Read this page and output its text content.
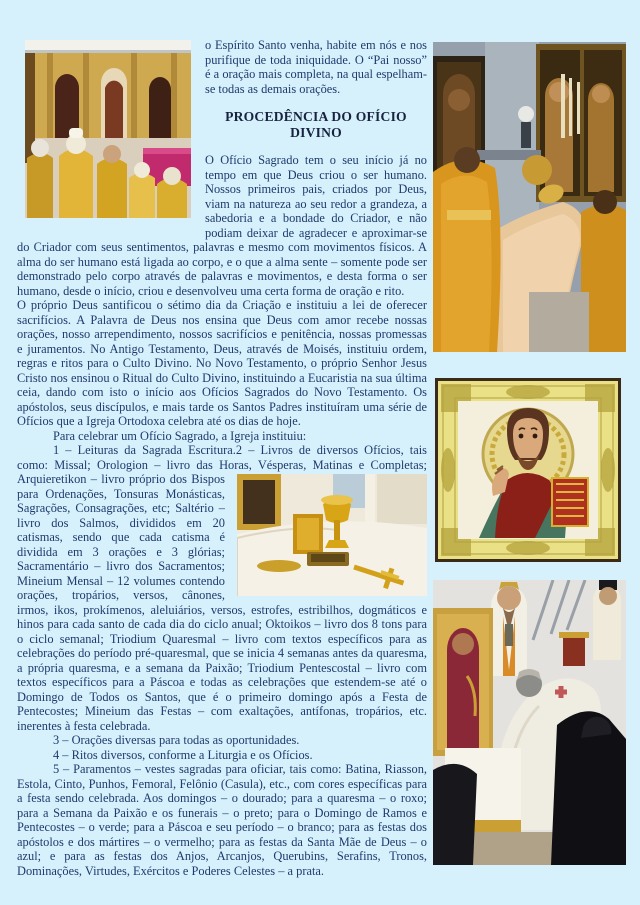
o Espírito Santo venha, habite em nós e nos purifique de toda iniquidade. O “Pai nosso” é a oração mais completa, na qual espelham-se todas as demais orações.

PROCEDÊNCIA DO OFÍCIO DIVINO

O Ofício Sagrado tem o seu início já no tempo em que Deus criou o ser humano. Nossos primeiros pais, criados por Deus, viam na natureza ao seu redor a grandeza, a sabedoria e a bondade do Criador, e não podiam deixar de agradecer e aproximar-se do Criador com seus sentimentos, palavras e mesmo com movimentos físicos. A alma do ser humano está ligada ao corpo, e o que a alma sente – somente pode ser demonstrado pelo corpo através de palavras e movimentos, e desta forma o ser humano, desde o início, criou e desenvolveu uma certa forma de oração e rito.

O próprio Deus santificou o sétimo dia da Criação e instituiu a lei de oferecer sacrifícios. A Palavra de Deus nos ensina que Deus com amor recebe nossas orações, nosso arrependimento, nossos sacrifícios e penitência, nossas promessas e juramentos. No Antigo Testamento, Deus, através de Moisés, instituiu ordem, regras e ritos para o Culto Divino. No Novo Testamento, o próprio Senhor Jesus Cristo nos ensinou o Ritual do Culto Divino, instituindo a Eucaristia na sua última ceia, dando com isto o início aos Ofícios Sagrados do Novo Testamento. Os apóstolos, seus discípulos, e mais tarde os Santos Padres instituíram uma série de Ofícios que a Igreja Ortodoxa celebra até os dias de hoje.

Para celebrar um Ofício Sagrado, a Igreja instituiu:

1 – Leituras da Sagrada Escritura.2 – Livros de diversos Ofícios, tais como: Missal; Orologion – livro das Horas, Vésperas, Matinas e Completas;
Arquieretikon – livro próprio dos Bispos para Ordenações, Tonsuras Monásticas, Sagrações, Consagrações, etc; Saltério – livro dos Salmos, divididos em 20 catismas, sendo que cada catisma é dividida em 3 orações e 3 glórias; Sacramentário – livro dos Sacramentos; Mineium Mensal – 12 volumes contendo orações, tropários, versos, cânones, irmos, ikos, prokímenos, aleluiários, versos, estrofes, estribilhos, dogmáticos e hinos para cada santo de cada dia do ciclo anual; Oktoikos – livro dos 8 tons para o ciclo semanal; Triodium Quaresmal – livro com textos específicos para as celebrações do período pré-quaresmal, que se inicia 4 semanas antes da quaresma, a própria quaresma, e a semana da Paixão; Triodium Pentescostal – livro com textos específicos para a Páscoa e todas as celebrações que estendem-se até o Domingo de Todos os Santos, que é o primeiro domingo após a Festa de Pentecostes; Mineium das Festas – com exaltações, antífonas, tropários, etc. inerentes à festa celebrada.

3 – Orações diversas para todas as oportunidades.

4 – Ritos diversos, conforme a Liturgia e os Ofícios.

5 – Paramentos – vestes sagradas para oficiar, tais como: Batina, Riasson, Estola, Cinto, Punhos, Femoral, Felônio (Casula), etc., com cores específicas para a festa sendo celebrada. Aos domingos – o dourado; para a quaresma – o roxo; para a Semana da Paixão e os funerais – o preto; para o Domingo de Ramos e Pentecostes – o verde; para a Páscoa e seu período – o branco; para as festas dos apóstolos e dos mártires – o vermelho; para as festas da Santa Mãe de Deus – o azul; e para as festas dos Anjos, Arcanjos, Querubins, Serafins, Tronos, Dominações, Virtudes, Exércitos e Poderes Celestes – a prata.
